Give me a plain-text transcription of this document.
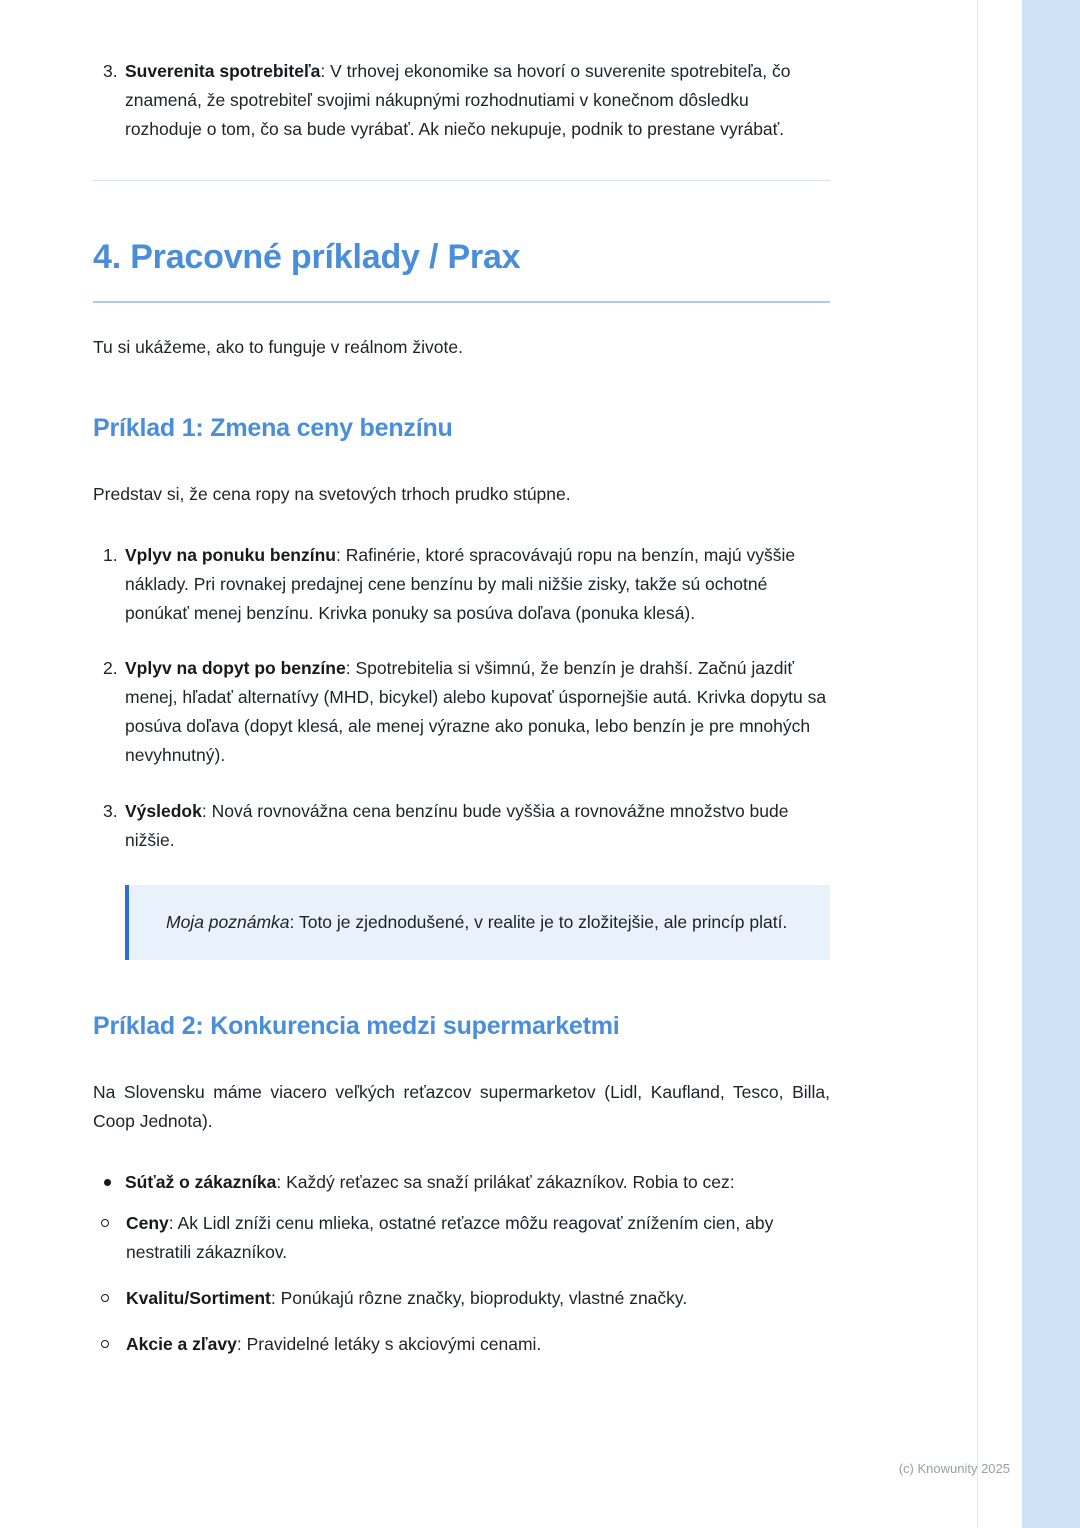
3. Suverenita spotrebiteľa: V trhovej ekonomike sa hovorí o suverenite spotrebiteľa, čo znamená, že spotrebiteľ svojimi nákupnými rozhodnutiami v konečnom dôsledku rozhoduje o tom, čo sa bude vyrábať. Ak niečo nekupuje, podnik to prestane vyrábať.
4. Pracovné príklady / Prax

Tu si ukážeme, ako to funguje v reálnom živote.

Príklad 1: Zmena ceny benzínu

Predstav si, že cena ropy na svetových trhoch prudko stúpne.

1. Vplyv na ponuku benzínu: Rafinérie, ktoré spracovávajú ropu na benzín, majú vyššie náklady. Pri rovnakej predajnej cene benzínu by mali nižšie zisky, takže sú ochotné ponúkať menej benzínu. Krivka ponuky sa posúva doľava (ponuka klesá).
2. Vplyv na dopyt po benzíne: Spotrebitelia si všimnú, že benzín je drahší. Začnú jazdiť menej, hľadať alternatívy (MHD, bicykel) alebo kupovať úspornejšie autá. Krivka dopytu sa posúva doľava (dopyt klesá, ale menej výrazne ako ponuka, lebo benzín je pre mnohých nevyhnutný).
3. Výsledok: Nová rovnovážna cena benzínu bude vyššia a rovnovážne množstvo bude nižšie.
Moja poznámka: Toto je zjednodušené, v realite je to zložitejšie, ale princíp platí.
Príklad 2: Konkurencia medzi supermarketmi

Na Slovensku máme viacero veľkých reťazcov supermarketov (Lidl, Kaufland, Tesco, Billa, Coop Jednota).

Súťaž o zákazníka: Každý reťazec sa snaží prilákať zákazníkov. Robia to cez:
Ceny: Ak Lidl zníži cenu mlieka, ostatné reťazce môžu reagovať znížením cien, aby nestratili zákazníkov.
Kvalitu/Sortiment: Ponúkajú rôzne značky, bioprodukty, vlastné značky.
Akcie a zľavy: Pravidelné letáky s akciovými cenami.
(c) Knowunity 2025
